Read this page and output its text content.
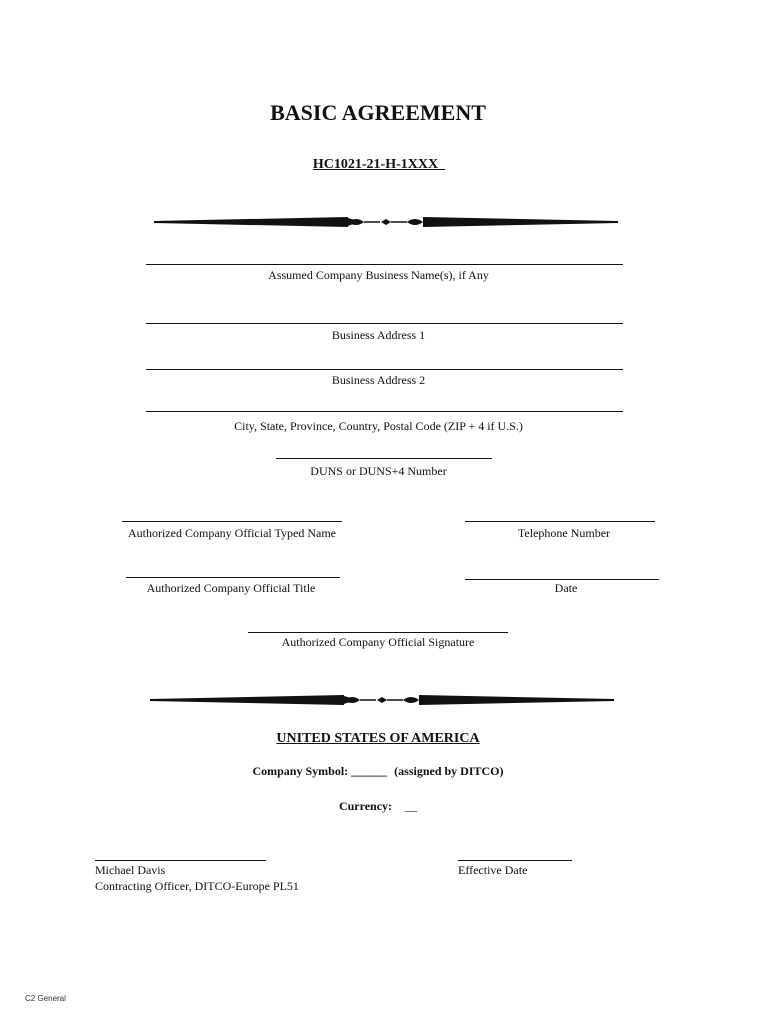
BASIC AGREEMENT
HC1021-21-H-1XXX
Assumed Company Business Name(s), if Any
Business Address 1
Business Address 2
City, State, Province, Country, Postal Code (ZIP + 4 if U.S.)
DUNS or DUNS+4 Number
Authorized Company Official Typed Name	Telephone Number
Authorized Company Official Title	Date
Authorized Company Official Signature
UNITED STATES OF AMERICA
Company Symbol: ______ (assigned by DITCO)
Currency: __
Michael Davis
Contracting Officer, DITCO-Europe PL51
Effective Date
C2 General
